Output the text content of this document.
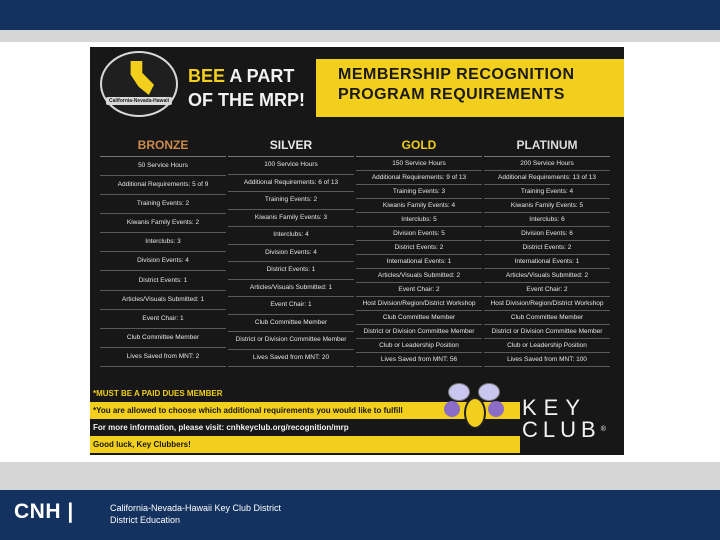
California-Nevada-Hawaii District
BEE A PART
OF THE MRP!
MEMBERSHIP RECOGNITION
PROGRAM REQUIREMENTS
BRONZE
50 Service Hours
Additional Requirements: 5 of 9
Training Events: 2
Kiwanis Family Events: 2
Interclubs: 3
Division Events: 4
District Events: 1
Articles/Visuals Submitted: 1
Event Chair: 1
Club Committee Member
Lives Saved from MNT: 2
SILVER
100 Service Hours
Additional Requirements: 6 of 13
Training Events: 2
Kiwanis Family Events: 3
Interclubs: 4
Division Events: 4
District Events: 1
Articles/Visuals Submitted: 1
Event Chair: 1
Club Committee Member
District or Division Committee Member
Lives Saved from MNT: 20
GOLD
150 Service Hours
Additional Requirements: 9 of 13
Training Events: 3
Kiwanis Family Events: 4
Interclubs: 5
Division Events: 5
District Events: 2
International Events: 1
Articles/Visuals Submitted: 2
Event Chair: 2
Host Division/Region/District Workshop
Club Committee Member
District or Division Committee Member
Club or Leadership Position
Lives Saved from MNT: 56
PLATINUM
200 Service Hours
Additional Requirements: 13 of 13
Training Events: 4
Kiwanis Family Events: 5
Interclubs: 6
Division Events: 6
District Events: 2
International Events: 1
Articles/Visuals Submitted: 2
Event Chair: 2
Host Division/Region/District Workshop
Club Committee Member
District or Division Committee Member
Club or Leadership Position
Lives Saved from MNT: 100
*MUST BE A PAID DUES MEMBER
*You are allowed to choose which additional requirements you would like to fulfill
For more information, please visit: cnhkeyclub.org/recognition/mrp
Good luck, Key Clubbers!
KEY
CLUB®
CNH |	California-Nevada-Hawaii Key Club District
District Education
